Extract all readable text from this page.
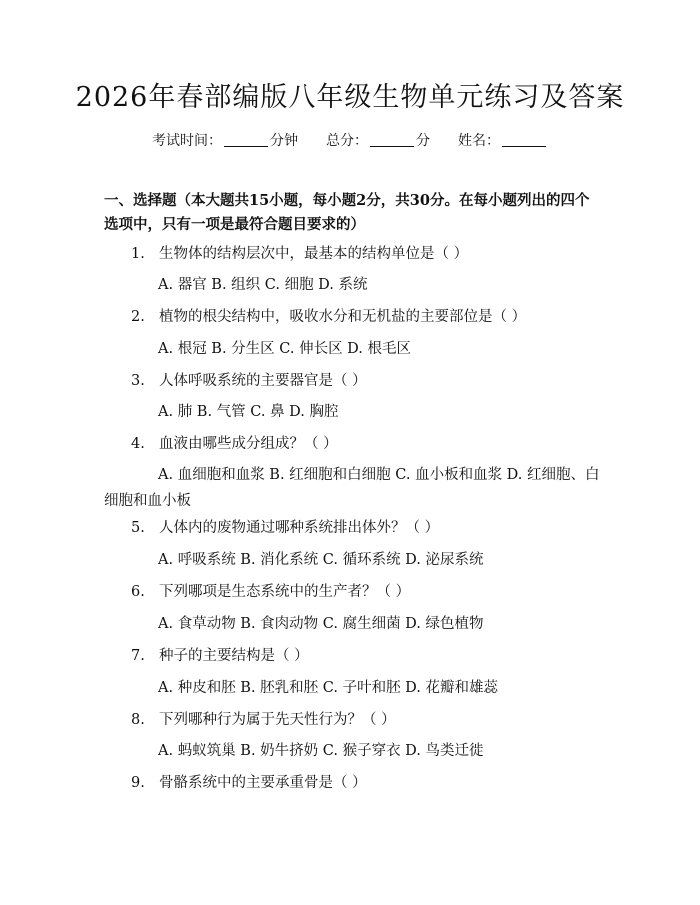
2026年春部编版八年级生物单元练习及答案
考试时间：	分钟 总分：	分 姓名：
一、选择题（本大题共15小题，每小题2分，共30分。在每小题列出的四个选项中，只有一项是最符合题目要求的）
1. 生物体的结构层次中，最基本的结构单位是（ ）
A. 器官 B. 组织 C. 细胞 D. 系统
2. 植物的根尖结构中，吸收水分和无机盐的主要部位是（ ）
A. 根冠 B. 分生区 C. 伸长区 D. 根毛区
3. 人体呼吸系统的主要器官是（ ）
A. 肺 B. 气管 C. 鼻 D. 胸腔
4. 血液由哪些成分组成？（ ）
A. 血细胞和血浆 B. 红细胞和白细胞 C. 血小板和血浆 D. 红细胞、白细胞和血小板
5. 人体内的废物通过哪种系统排出体外？（ ）
A. 呼吸系统 B. 消化系统 C. 循环系统 D. 泌尿系统
6. 下列哪项是生态系统中的生产者？（ ）
A. 食草动物 B. 食肉动物 C. 腐生细菌 D. 绿色植物
7. 种子的主要结构是（ ）
A. 种皮和胚 B. 胚乳和胚 C. 子叶和胚 D. 花瓣和雄蕊
8. 下列哪种行为属于先天性行为？（ ）
A. 蚂蚁筑巢 B. 奶牛挤奶 C. 猴子穿衣 D. 鸟类迁徙
9. 骨骼系统中的主要承重骨是（ ）
